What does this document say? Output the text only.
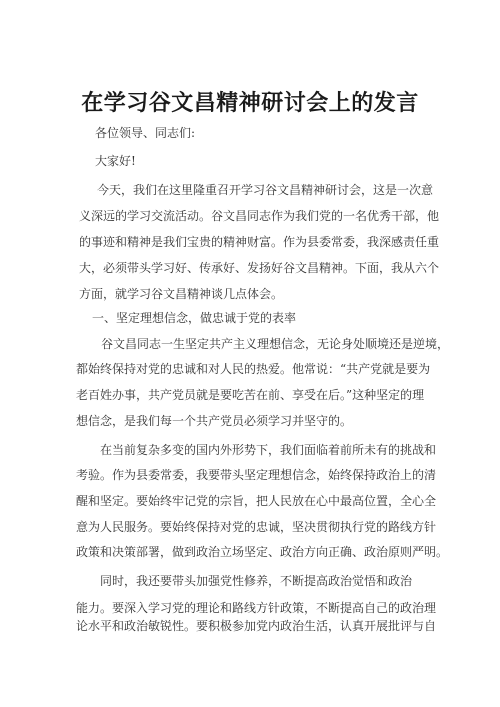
在学习谷文昌精神研讨会上的发言
各位领导、同志们:
大家好!
今天，我们在这里隆重召开学习谷文昌精神研讨会，这是一次意
义深远的学习交流活动。谷文昌同志作为我们党的一名优秀干部，他
的事迹和精神是我们宝贵的精神财富。作为县委常委，我深感责任重
大，必须带头学习好、传承好、发扬好谷文昌精神。下面，我从六个
方面，就学习谷文昌精神谈几点体会。
一、坚定理想信念，做忠诚于党的表率
谷文昌同志一生坚定共产主义理想信念，无论身处顺境还是逆境，
都始终保持对党的忠诚和对人民的热爱。他常说：“共产党就是要为
老百姓办事，共产党员就是要吃苦在前、享受在后。”这种坚定的理
想信念，是我们每一个共产党员必须学习并坚守的。
在当前复杂多变的国内外形势下，我们面临着前所未有的挑战和
考验。作为县委常委，我要带头坚定理想信念，始终保持政治上的清
醒和坚定。要始终牢记党的宗旨，把人民放在心中最高位置，全心全
意为人民服务。要始终保持对党的忠诚，坚决贯彻执行党的路线方针
政策和决策部署，做到政治立场坚定、政治方向正确、政治原则严明。
同时，我还要带头加强党性修养，不断提高政治觉悟和政治
能力。要深入学习党的理论和路线方针政策，不断提高自己的政治理
论水平和政治敏锐性。要积极参加党内政治生活，认真开展批评与自
